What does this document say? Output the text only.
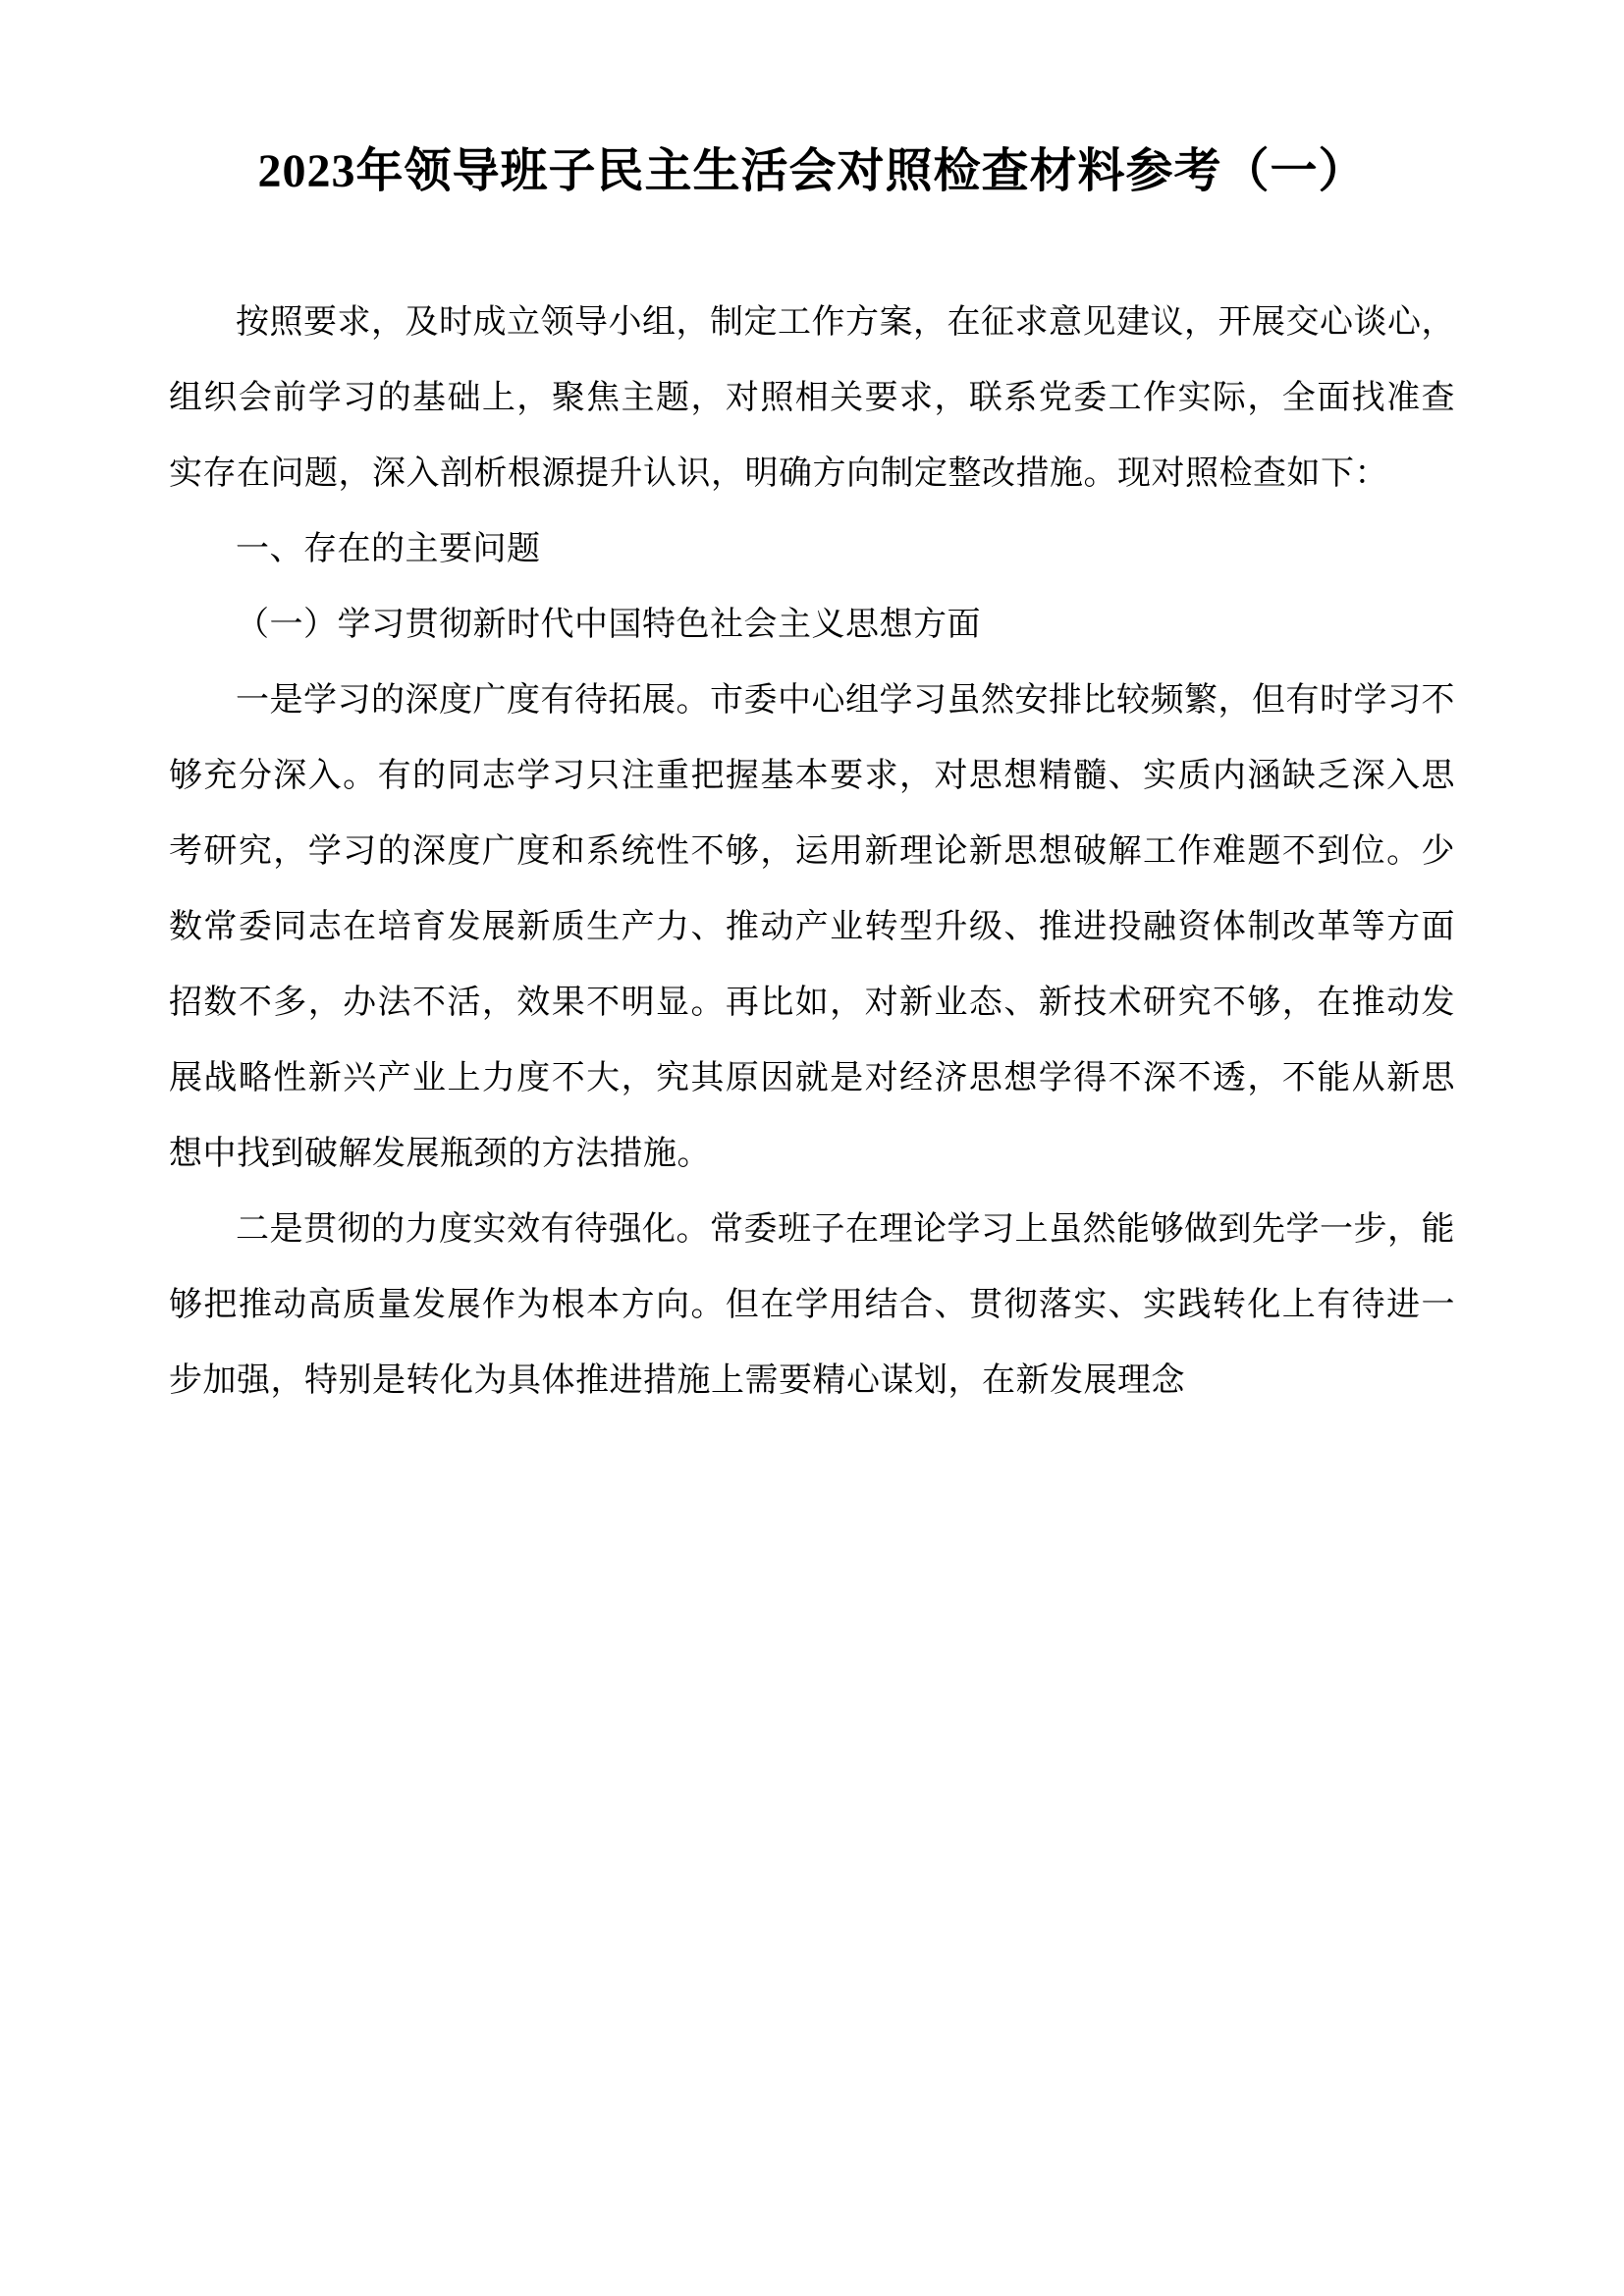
2023年领导班子民主生活会对照检查材料参考（一）

按照要求，及时成立领导小组，制定工作方案，在征求意见建议，开展交心谈心，组织会前学习的基础上，聚焦主题，对照相关要求，联系党委工作实际，全面找准查实存在问题，深入剖析根源提升认识，明确方向制定整改措施。现对照检查如下：

一、存在的主要问题

（一）学习贯彻新时代中国特色社会主义思想方面

一是学习的深度广度有待拓展。市委中心组学习虽然安排比较频繁，但有时学习不够充分深入。有的同志学习只注重把握基本要求，对思想精髓、实质内涵缺乏深入思考研究，学习的深度广度和系统性不够，运用新理论新思想破解工作难题不到位。少数常委同志在培育发展新质生产力、推动产业转型升级、推进投融资体制改革等方面招数不多，办法不活，效果不明显。再比如，对新业态、新技术研究不够，在推动发展战略性新兴产业上力度不大，究其原因就是对经济思想学得不深不透，不能从新思想中找到破解发展瓶颈的方法措施。

二是贯彻的力度实效有待强化。常委班子在理论学习上虽然能够做到先学一步，能够把推动高质量发展作为根本方向。但在学用结合、贯彻落实、实践转化上有待进一步加强，特别是转化为具体推进措施上需要精心谋划，在新发展理念
